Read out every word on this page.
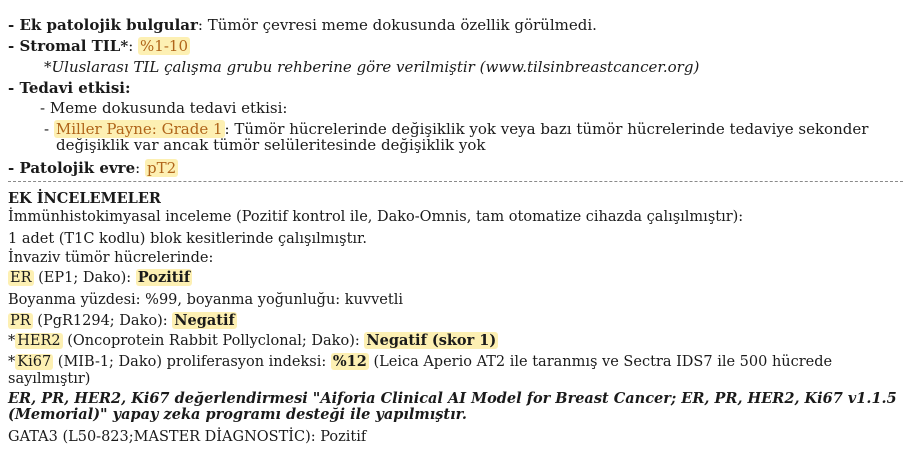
- Ek patolojik bulgular: Tümör çevresi meme dokusunda özellik görülmedi.
- Stromal TIL*: %1-10
*Uluslarası TIL çalışma grubu rehberine göre verilmiştir (www.tilsinbreastcancer.org)
- Tedavi etkisi:
- Meme dokusunda tedavi etkisi:
- Miller Payne: Grade 1 : Tümör hücrelerinde değişiklik yok veya bazı tümör hücrelerinde tedaviye sekonder
değişiklik var ancak tümör selüleritesinde değişiklik yok
- Patolojik evre: pT2
EK İNCELEMELER
İmmünhistokimyasal inceleme (Pozitif kontrol ile, Dako-Omnis, tam otomatize cihazda çalışılmıştır):
1 adet (T1C kodlu) blok kesitlerinde çalışılmıştır.
İnvaziv tümör hücrelerinde:
ER (EP1; Dako): Pozitif
Boyanma yüzdesi: %99, boyanma yoğunluğu: kuvvetli
PR (PgR1294; Dako): Negatif
* HER2 (Oncoprotein Rabbit Pollyclonal; Dako): Negatif (skor 1)
* Ki67 (MIB-1; Dako) proliferasyon indeksi: %12 (Leica Aperio AT2 ile taranmış ve Sectra IDS7 ile 500 hücrede
sayılmıştır)
ER, PR, HER2, Ki67 değerlendirmesi "Aiforia Clinical AI Model for Breast Cancer; ER, PR, HER2, Ki67 v1.1.5
(Memorial)" yapay zeka programı desteği ile yapılmıştır.
GATA3 (L50-823;MASTER DİAGNOSTİC): Pozitif
